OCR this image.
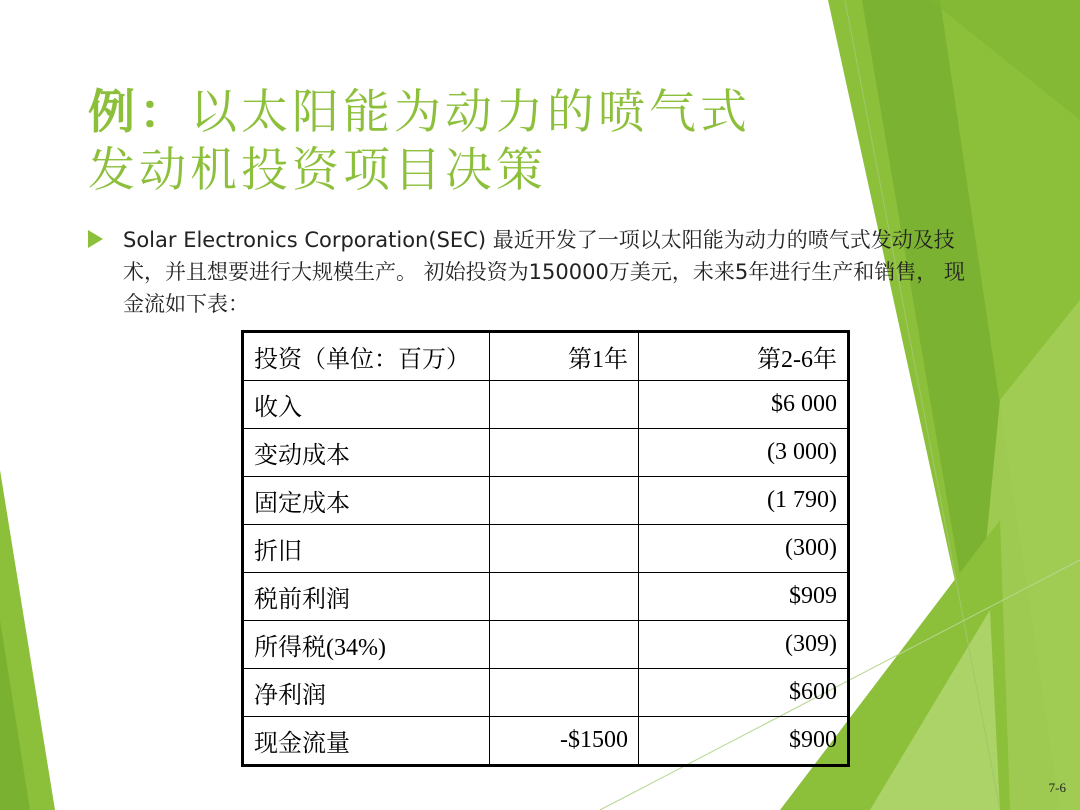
例：以太阳能为动力的喷气式
发动机投资项目决策
Solar Electronics Corporation(SEC) 最近开发了一项以太阳能为动力的喷气式发动及技术，并且想要进行大规模生产。 初始投资为150000万美元，未来5年进行生产和销售， 现金流如下表：
投资（单位：百万）	第1年	第2-6年
收入		$6 000
变动成本		(3 000)
固定成本		(1 790)
折旧		(300)
税前利润		$909
所得税(34%)		(309)
净利润		$600
现金流量	-$1500	$900
7-6
